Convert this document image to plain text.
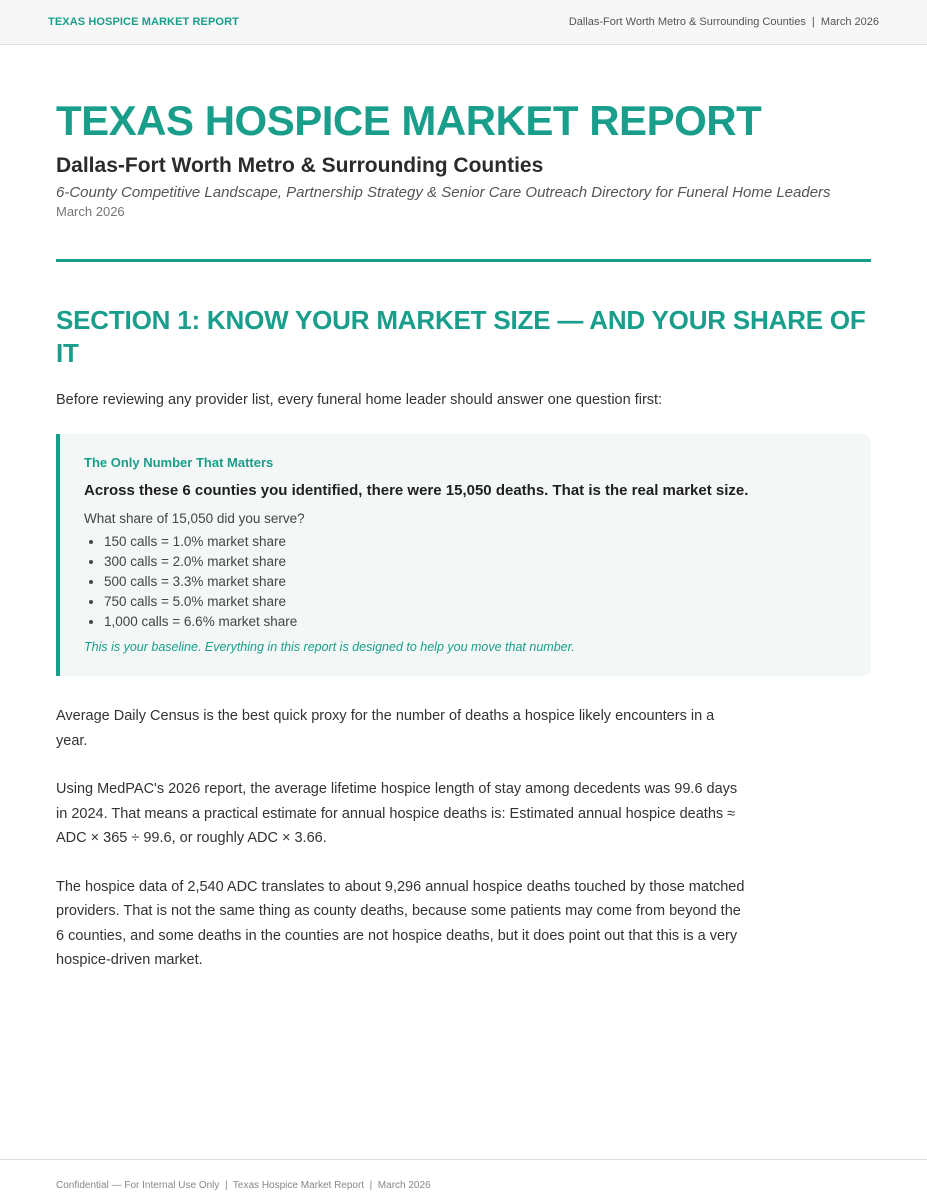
TEXAS HOSPICE MARKET REPORT	Dallas-Fort Worth Metro & Surrounding Counties  |  March 2026
TEXAS HOSPICE MARKET REPORT
Dallas-Fort Worth Metro & Surrounding Counties
6-County Competitive Landscape, Partnership Strategy & Senior Care Outreach Directory for Funeral Home Leaders
March 2026
SECTION 1: KNOW YOUR MARKET SIZE — AND YOUR SHARE OF IT

Before reviewing any provider list, every funeral home leader should answer one question first:

The Only Number That Matters
Across these 6 counties you identified, there were 15,050 deaths. That is the real market size.
What share of 15,050 did you serve?
150 calls = 1.0% market share
300 calls = 2.0% market share
500 calls = 3.3% market share
750 calls = 5.0% market share
1,000 calls = 6.6% market share
This is your baseline. Everything in this report is designed to help you move that number.

Average Daily Census is the best quick proxy for the number of deaths a hospice likely encounters in a year.

Using MedPAC's 2026 report, the average lifetime hospice length of stay among decedents was 99.6 days in 2024. That means a practical estimate for annual hospice deaths is: Estimated annual hospice deaths ≈ ADC × 365 ÷ 99.6, or roughly ADC × 3.66.

The hospice data of 2,540 ADC translates to about 9,296 annual hospice deaths touched by those matched providers. That is not the same thing as county deaths, because some patients may come from beyond the 6 counties, and some deaths in the counties are not hospice deaths, but it does point out that this is a very hospice-driven market.

Confidential — For Internal Use Only  |  Texas Hospice Market Report  |  March 2026
